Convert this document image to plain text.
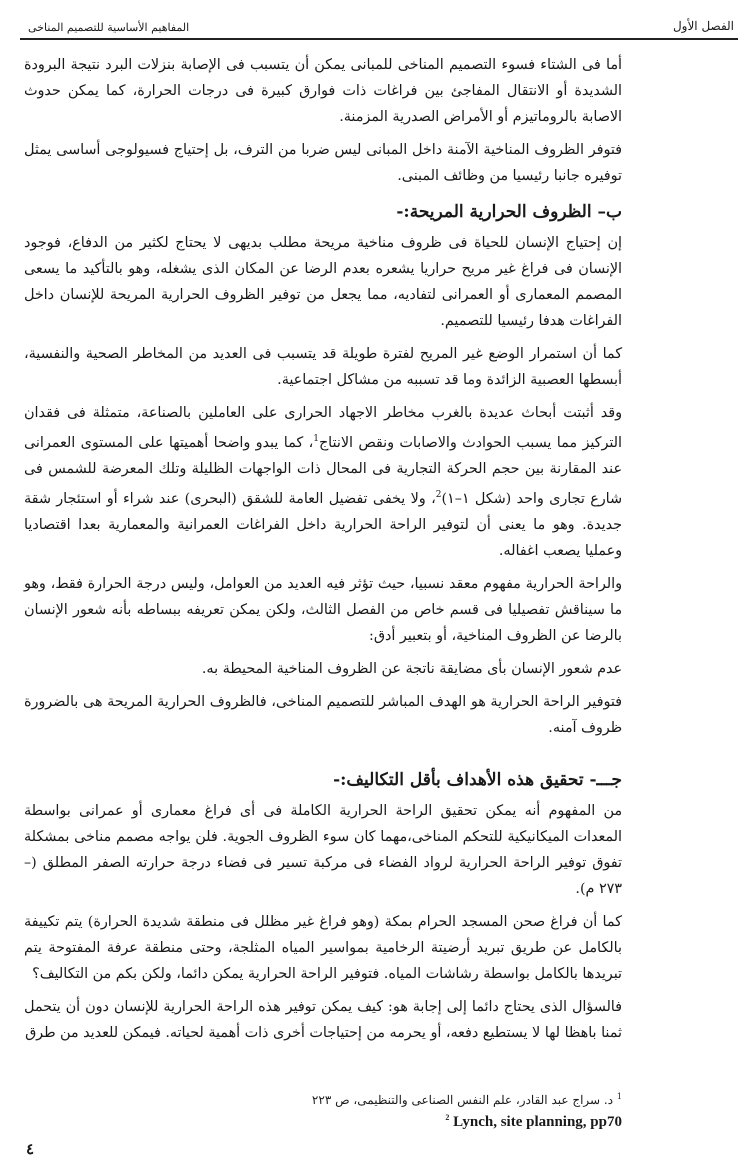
المفاهيم الأساسية للتصميم المناخى	الفصل الأول

أما فى الشتاء فسوء التصميم المناخى للمبانى يمكن أن يتسبب فى الإصابة بنزلات البرد نتيجة البرودة الشديدة أو الانتقال المفاجئ بين فراغات ذات فوارق كبيرة فى درجات الحرارة، كما يمكن حدوث الاصابة بالروماتيزم أو الأمراض الصدرية المزمنة.

فتوفر الظروف المناخية الآمنة داخل المبانى ليس ضربا من الترف، بل إحتياج فسيولوجى أساسى يمثل توفيره جانبا رئيسيا من وظائف المبنى.

ب– الظروف الحرارية المريحة:-

إن إحتياج الإنسان للحياة فى ظروف مناخية مريحة مطلب بديهى لا يحتاج لكثير من الدفاع، فوجود الإنسان فى فراغ غير مريح حراريا يشعره بعدم الرضا عن المكان الذى يشغله، وهو بالتأكيد ما يسعى المصمم المعمارى أو العمرانى لتفاديه، مما يجعل من توفير الظروف الحرارية المريحة للإنسان داخل الفراغات هدفا رئيسيا للتصميم.

كما أن استمرار الوضع غير المريح لفترة طويلة قد يتسبب فى العديد من المخاطر الصحية والنفسية، أبسطها العصبية الزائدة وما قد تسببه من مشاكل اجتماعية.

وقد أثبتت أبحاث عديدة بالغرب مخاطر الاجهاد الحرارى على العاملين بالصناعة، متمثلة فى فقدان التركيز مما يسبب الحوادث والاصابات ونقص الانتاج$^1$، كما يبدو واضحا أهميتها على المستوى العمرانى عند المقارنة بين حجم الحركة التجارية فى المحال ذات الواجهات الظليلة وتلك المعرضة للشمس فى شارع تجارى واحد (شكل ١–١)$^2$، ولا يخفى تفضيل العامة للشقق (البحرى) عند شراء أو استئجار شقة جديدة. وهو ما يعنى أن لتوفير الراحة الحرارية داخل الفراغات العمرانية والمعمارية بعدا اقتصاديا وعمليا يصعب اغفاله.

والراحة الحرارية مفهوم معقد نسبيا، حيث تؤثر فيه العديد من العوامل، وليس درجة الحرارة فقط، وهو ما سيناقش تفصيليا فى قسم خاص من الفصل الثالث، ولكن يمكن تعريفه ببساطه بأنه شعور الإنسان بالرضا عن الظروف المناخية، أو بتعبير أدق:

عدم شعور الإنسان بأى مضايقة ناتجة عن الظروف المناخية المحيطة به.

فتوفير الراحة الحرارية هو الهدف المباشر للتصميم المناخى، فالظروف الحرارية المريحة هى بالضرورة ظروف آمنه.

جـــ- تحقيق هذه الأهداف بأقل التكاليف:-

من المفهوم أنه يمكن تحقيق الراحة الحرارية الكاملة فى أى فراغ معمارى أو عمرانى بواسطة المعدات الميكانيكية للتحكم المناخى،مهما كان سوء الظروف الجوية. فلن يواجه مصمم مناخى بمشكلة تفوق توفير الراحة الحرارية لرواد الفضاء فى مركبة تسير فى فضاء درجة حرارته الصفر المطلق (–٢٧٣ م).

كما أن فراغ صحن المسجد الحرام بمكة (وهو فراغ غير مظلل فى منطقة شديدة الحرارة) يتم تكييفة بالكامل عن طريق تبريد أرضيتة الرخامية بمواسير المياه المثلجة، وحتى منطقة عرفة المفتوحة يتم تبريدها بالكامل بواسطة رشاشات المياه. فتوفير الراحة الحرارية يمكن دائما، ولكن بكم من التكاليف؟

فالسؤال الذى يحتاج دائما إلى إجابة هو: كيف يمكن توفير هذه الراحة الحرارية للإنسان دون أن يتحمل ثمنا باهظا لها لا يستطيع دفعه، أو يحرمه من إحتياجات أخرى ذات أهمية لحياته. فيمكن للعديد من طرق

$^1$ د. سراج عبد القادر، علم النفس الصناعى والتنظيمى، ص ٢٢٣
$^2$ Lynch, site planning, pp70
٤
